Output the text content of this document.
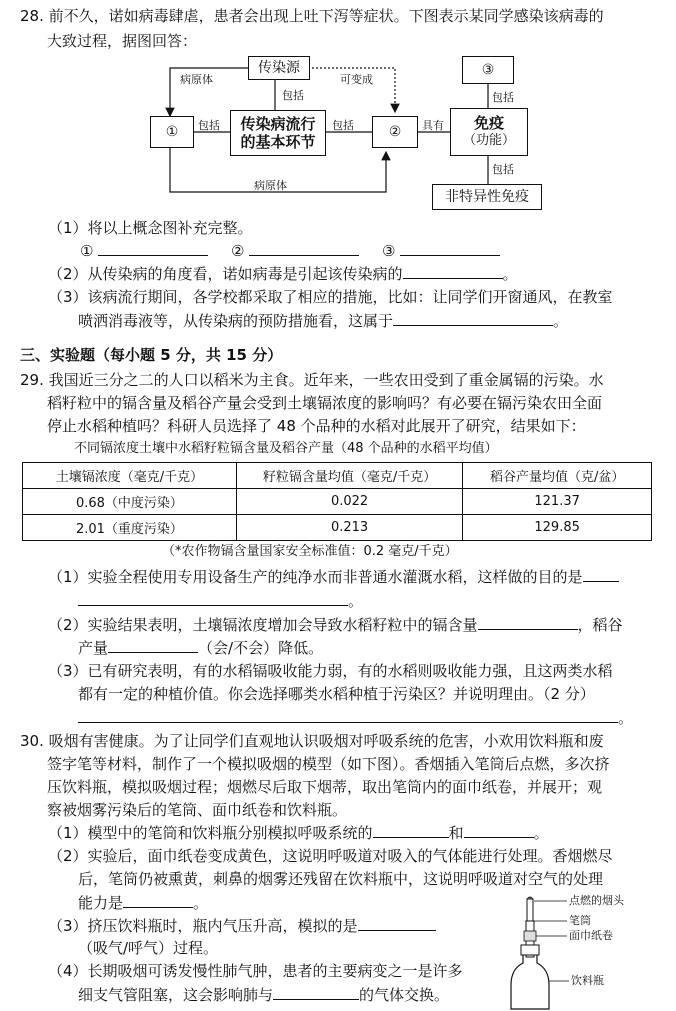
28. 前不久，诺如病毒肆虐，患者会出现上吐下泻等症状。下图表示某同学感染该病毒的
大致过程，据图回答：
传染源
①	传染病流行
的基本环节
②	免疫
（功能）
③
非特异性免疫
病原体
包括
可变成
包括	包括	具有
包括
包括
病原体
（1）将以上概念图补充完整。
①	②	③
（2）从传染病的角度看，诺如病毒是引起该传染病的	。
（3）该病流行期间，各学校都采取了相应的措施，比如：让同学们开窗通风，在教室
喷洒消毒液等，从传染病的预防措施看，这属于	。
三、实验题（每小题 5 分，共 15 分）
29. 我国近三分之二的人口以稻米为主食。近年来，一些农田受到了重金属镉的污染。水
稻籽粒中的镉含量及稻谷产量会受到土壤镉浓度的影响吗？有必要在镉污染农田全面
停止水稻种植吗？科研人员选择了 48 个品种的水稻对此展开了研究，结果如下：
不同镉浓度土壤中水稻籽粒镉含量及稻谷产量（48 个品种的水稻平均值）
土壤镉浓度（毫克/千克）	籽粒镉含量均值（毫克/千克）	稻谷产量均值（克/盆）
0.68（中度污染）	0.022	121.37
2.01（重度污染）	0.213	129.85
（*农作物镉含量国家安全标准值：0.2 毫克/千克）
（1）实验全程使用专用设备生产的纯净水而非普通水灌溉水稻，这样做的目的是
。
（2）实验结果表明，土壤镉浓度增加会导致水稻籽粒中的镉含量	，稻谷
产量	（会/不会）降低。
（3）已有研究表明，有的水稻镉吸收能力弱，有的水稻则吸收能力强，且这两类水稻
都有一定的种植价值。你会选择哪类水稻种植于污染区？并说明理由。（2 分）
。
30. 吸烟有害健康。为了让同学们直观地认识吸烟对呼吸系统的危害，小欢用饮料瓶和废
签字笔等材料，制作了一个模拟吸烟的模型（如下图）。香烟插入笔筒后点燃，多次挤
压饮料瓶，模拟吸烟过程；烟燃尽后取下烟蒂，取出笔筒内的面巾纸卷，并展开；观
察被烟雾污染后的笔筒、面巾纸卷和饮料瓶。
（1）模型中的笔筒和饮料瓶分别模拟呼吸系统的	和	。
（2）实验后，面巾纸卷变成黄色，这说明呼吸道对吸入的气体能进行处理。香烟燃尽
后，笔筒仍被熏黄，刺鼻的烟雾还残留在饮料瓶中，这说明呼吸道对空气的处理
能力是	。
（3）挤压饮料瓶时，瓶内气压升高，模拟的是
（吸气/呼气）过程。
（4）长期吸烟可诱发慢性肺气肿，患者的主要病变之一是许多
细支气管阻塞，这会影响肺与	的气体交换。
点燃的烟头
笔筒
面巾纸卷
饮料瓶
